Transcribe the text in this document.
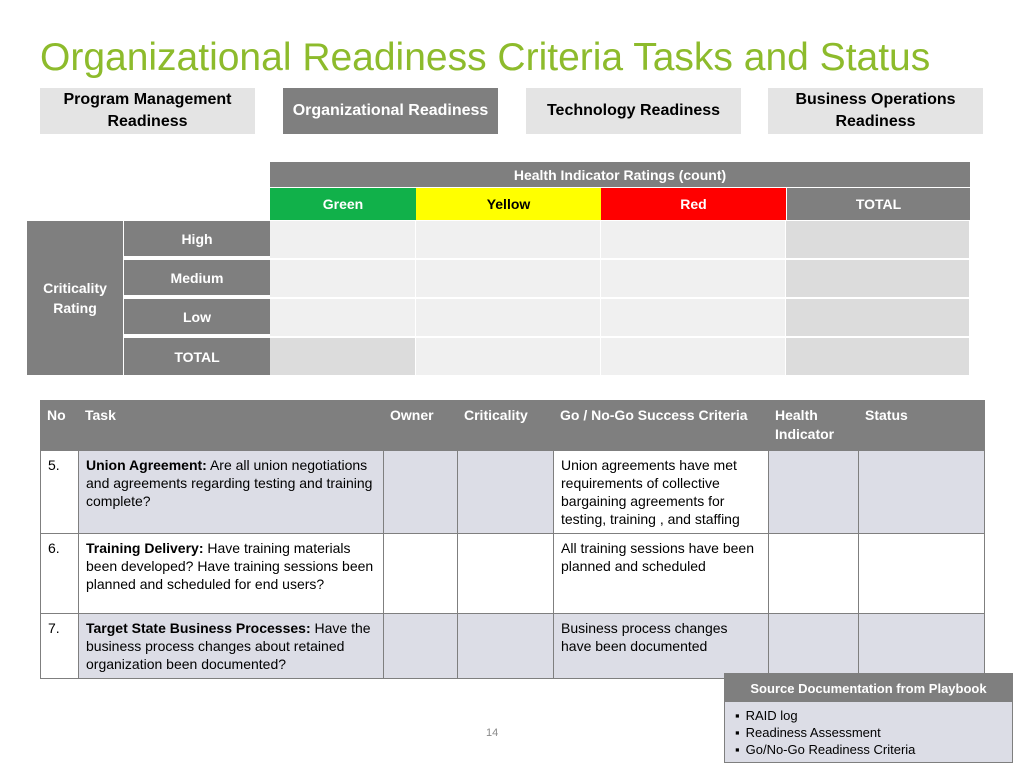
Organizational Readiness Criteria Tasks and Status
Program Management Readiness
Organizational Readiness	Technology Readiness
Business Operations Readiness
Health Indicator Ratings (count)
Green	Yellow	Red	TOTAL
Criticality Rating
High
Medium
Low
TOTAL
No	Task	Owner	Criticality	Go / No-Go Success Criteria	Health Indicator	Status
5.	Union Agreement: Are all union negotiations and agreements regarding testing and training complete?			Union agreements have met requirements of collective bargaining agreements for testing, training , and staffing		
6.	Training Delivery: Have training materials been developed? Have training sessions been planned and scheduled for end users?			All training sessions have been planned and scheduled		
7.	Target State Business Processes: Have the business process changes about retained organization been documented?			Business process changes have been documented		
Source Documentation from Playbook
▪ RAID log
▪ Readiness Assessment
▪ Go/No-Go Readiness Criteria
14
